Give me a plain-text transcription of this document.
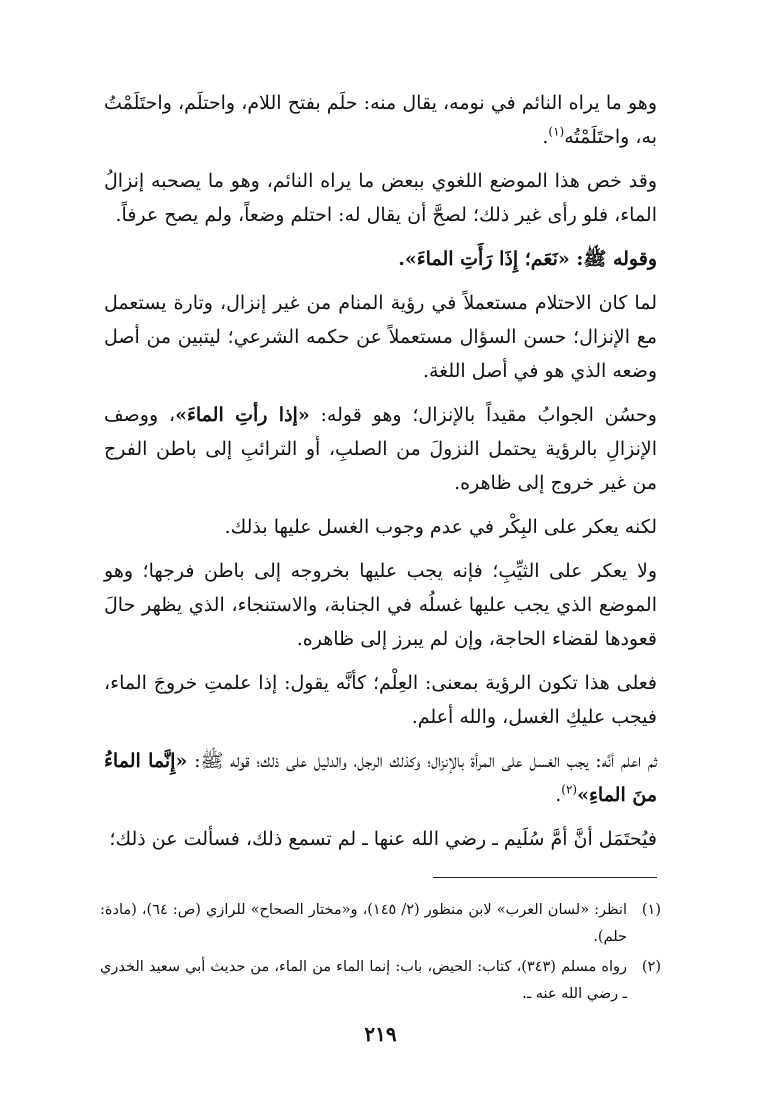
وهو ما يراه النائم في نومه، يقال منه: حلَم بفتح اللام، واحتلَم، واحتَلَمْتُ به، واحتَلَمْتُه$^{(١)}$.

وقد خص هذا الموضع اللغوي ببعض ما يراه النائم، وهو ما يصحبه إنزالُ الماء، فلو رأى غير ذلك؛ لصحَّ أن يقال له: احتلم وضعاً، ولم يصح عرفاً.

وقوله ﷺ: «نَعَم؛ إِذَا رَأَتِ الماءَ».

لما كان الاحتلام مستعملاً في رؤية المنام من غير إنزال، وتارة يستعمل مع الإنزال؛ حسن السؤال مستعملاً عن حكمه الشرعي؛ ليتبين من أصل وضعه الذي هو في أصل اللغة.

وحسُن الجوابُ مقيداً بالإنزال؛ وهو قوله: «إذا رأتِ الماءَ»، ووصف الإنزالِ بالرؤية يحتمل النزولَ من الصلبِ، أو الترائبِ إلى باطن الفرج من غير خروج إلى ظاهره.

لكنه يعكر على البِكْر في عدم وجوب الغسل عليها بذلك.

ولا يعكر على الثيِّبِ؛ فإنه يجب عليها بخروجه إلى باطن فرجها؛ وهو الموضع الذي يجب عليها غسلُه في الجنابة، والاستنجاء، الذي يظهر حالَ قعودها لقضاء الحاجة، وإن لم يبرز إلى ظاهره.

فعلى هذا تكون الرؤية بمعنى: العِلْم؛ كأنَّه يقول: إذا علمتِ خروجَ الماء، فيجب عليكِ الغسل، والله أعلم.

ثم اعلم أنَّه: يجب الغسل على المرأة بالإنزال؛ وكذلك الرجل، والدليل على ذلك؛ قوله ﷺ: «إِنَّما الماءُ منَ الماءِ»$^{(٢)}$.

فيُحتَمَل أنَّ أمَّ سُلَيم ـ رضي الله عنها ـ لم تسمع ذلك، فسألت عن ذلك؛

(١)
انظر: «لسان العرب» لابن منظور (٢/ ١٤٥)، و«مختار الصحاح» للرازي (ص: ٦٤)، (مادة: حلم).
(٢)
رواه مسلم (٣٤٣)، كتاب: الحيض، باب: إنما الماء من الماء، من حديث أبي سعيد الخدري ـ رضي الله عنه ـ.
٢١٩
